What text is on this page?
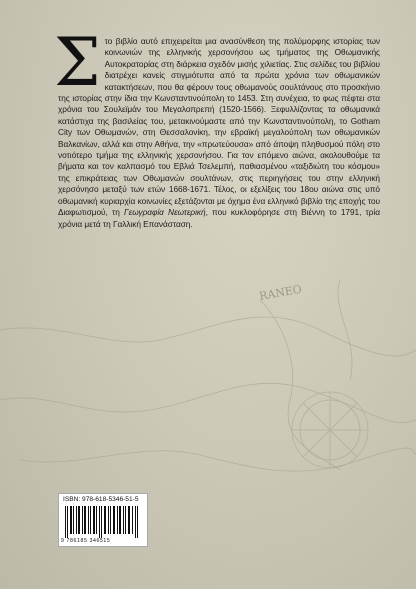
RANEO
Σ το βιβλίο αυτό επιχειρείται μια ανασύνθεση της πολύμορφης ιστορίας των κοινωνιών της ελληνικής χερσονήσου ως τμήματος της Οθωμανικής Αυτοκρατορίας στη διάρκεια σχεδόν μισής χιλιετίας. Στις σελίδες του βιβλίου διατρέχει κανείς στιγμιότυπα από τα πρώτα χρόνια των οθωμανικών κατακτήσεων, που θα φέρουν τους οθωμανούς σουλτάνους στο προσκήνιο της ιστορίας στην ίδια την Κωνσταντινούπολη το 1453. Στη συνέχεια, το φως πέφτει στα χρόνια του Σουλεϊμάν του Μεγαλοπρεπή (1520-1566). Ξεφυλλίζοντας τα οθωμανικά κατάστιχα της βασιλείας του, μετακινούμαστε από την Κωνσταντινούπολη, το Gotham City των Οθωμανών, στη Θεσσαλονίκη, την εβραϊκή μεγαλούπολη των οθωμανικών Βαλκανίων, αλλά και στην Αθήνα, την «πρωτεύουσα» από άποψη πληθυσμού πόλη στο νοτιότερο τμήμα της ελληνικής χερσονήσου. Για τον επόμενο αιώνα, ακολουθούμε τα βήματα και τον καλπασμό του Εβλιά Τσελεμπή, παθιασμένου «ταξιδιώτη του κόσμου» της επικράτειας των Οθωμανών σουλτάνων, στις περιηγήσεις του στην ελληνική χερσόνησο μεταξύ των ετών 1668-1671. Τέλος, οι εξελίξεις του 18ου αιώνα στις υπό οθωμανική κυριαρχία κοινωνίες εξετάζονται με όχημα ένα ελληνικό βιβλίο της εποχής του Διαφωτισμού, τη Γεωγραφία Νεωτερική, που κυκλοφόρησε στη Βιέννη το 1791, τρία χρόνια μετά τη Γαλλική Επανάσταση.

ISBN: 978-618-5346-51-5
9 786185 346515
